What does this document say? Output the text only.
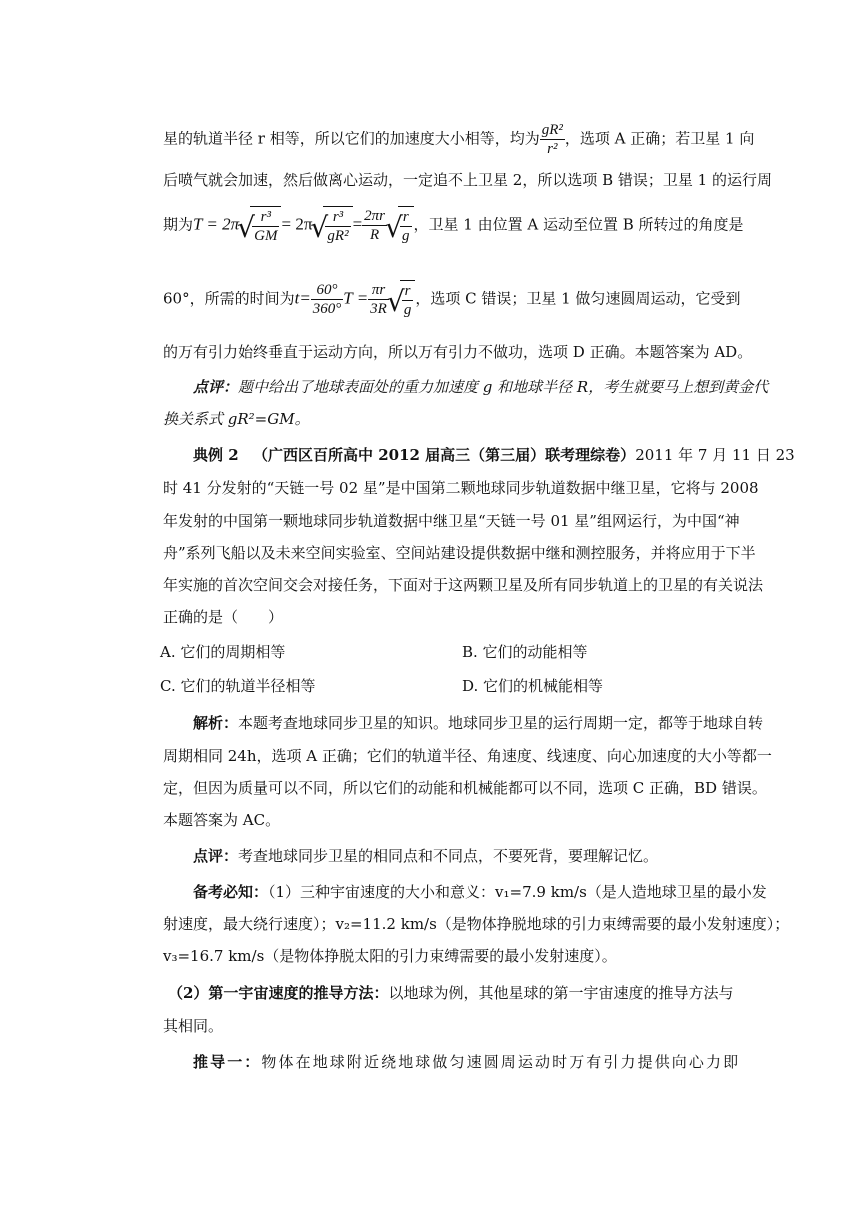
星的轨道半径 r 相等，所以它们的加速度大小相等，均为 $\frac{\text{gR²}}{\text{r²}}$ ，选项 A 正确；若卫星 1 向
后喷气就会加速，然后做离心运动，一定追不上卫星 2，所以选项 B 错误；卫星 1 的运行周
期为T = 2π √ $\frac{\text{r³}}{GM} = 2\pi$ √ $\frac{\text{r³}}{\text{gR²}} = \frac{2\pi r}{R}$ √ $\frac{r}{g}$ ，卫星 1 由位置 A 运动至位置 B 所转过的角度是
60°，所需的时间为$t= \frac{60^\circ}{360^\circ}$ $T = \frac{\pi r}{3R}$ √ $\frac{r}{g}$ ，选项 C 错误；卫星 1 做匀速圆周运动，它受到
的万有引力始终垂直于运动方向，所以万有引力不做功，选项 D 正确。本题答案为 AD。
点评：题中给出了地球表面处的重力加速度 g 和地球半径 R，考生就要马上想到黄金代
换关系式 gR²=GM。
典例 2 （广西区百所高中 2012 届高三（第三届）联考理综卷）2011 年 7 月 11 日 23
时 41 分发射的“天链一号 02 星”是中国第二颗地球同步轨道数据中继卫星，它将与 2008
年发射的中国第一颗地球同步轨道数据中继卫星“天链一号 01 星”组网运行，为中国“神
舟”系列飞船以及未来空间实验室、空间站建设提供数据中继和测控服务，并将应用于下半
年实施的首次空间交会对接任务，下面对于这两颗卫星及所有同步轨道上的卫星的有关说法
正确的是（　　）
A. 它们的周期相等	B. 它们的动能相等
C. 它们的轨道半径相等	D. 它们的机械能相等
解析：本题考查地球同步卫星的知识。地球同步卫星的运行周期一定，都等于地球自转
周期相同 24h，选项 A 正确；它们的轨道半径、角速度、线速度、向心加速度的大小等都一
定，但因为质量可以不同，所以它们的动能和机械能都可以不同，选项 C 正确，BD 错误。
本题答案为 AC。
点评：考查地球同步卫星的相同点和不同点，不要死背，要理解记忆。
备考必知：（1）三种宇宙速度的大小和意义：v₁=7.9 km/s（是人造地球卫星的最小发
射速度，最大绕行速度）；v₂=11.2 km/s（是物体挣脱地球的引力束缚需要的最小发射速度）；
v₃=16.7 km/s（是物体挣脱太阳的引力束缚需要的最小发射速度）。
（2）第一宇宙速度的推导方法：以地球为例，其他星球的第一宇宙速度的推导方法与
其相同。
推导一：物体在地球附近绕地球做匀速圆周运动时万有引力提供向心力即
